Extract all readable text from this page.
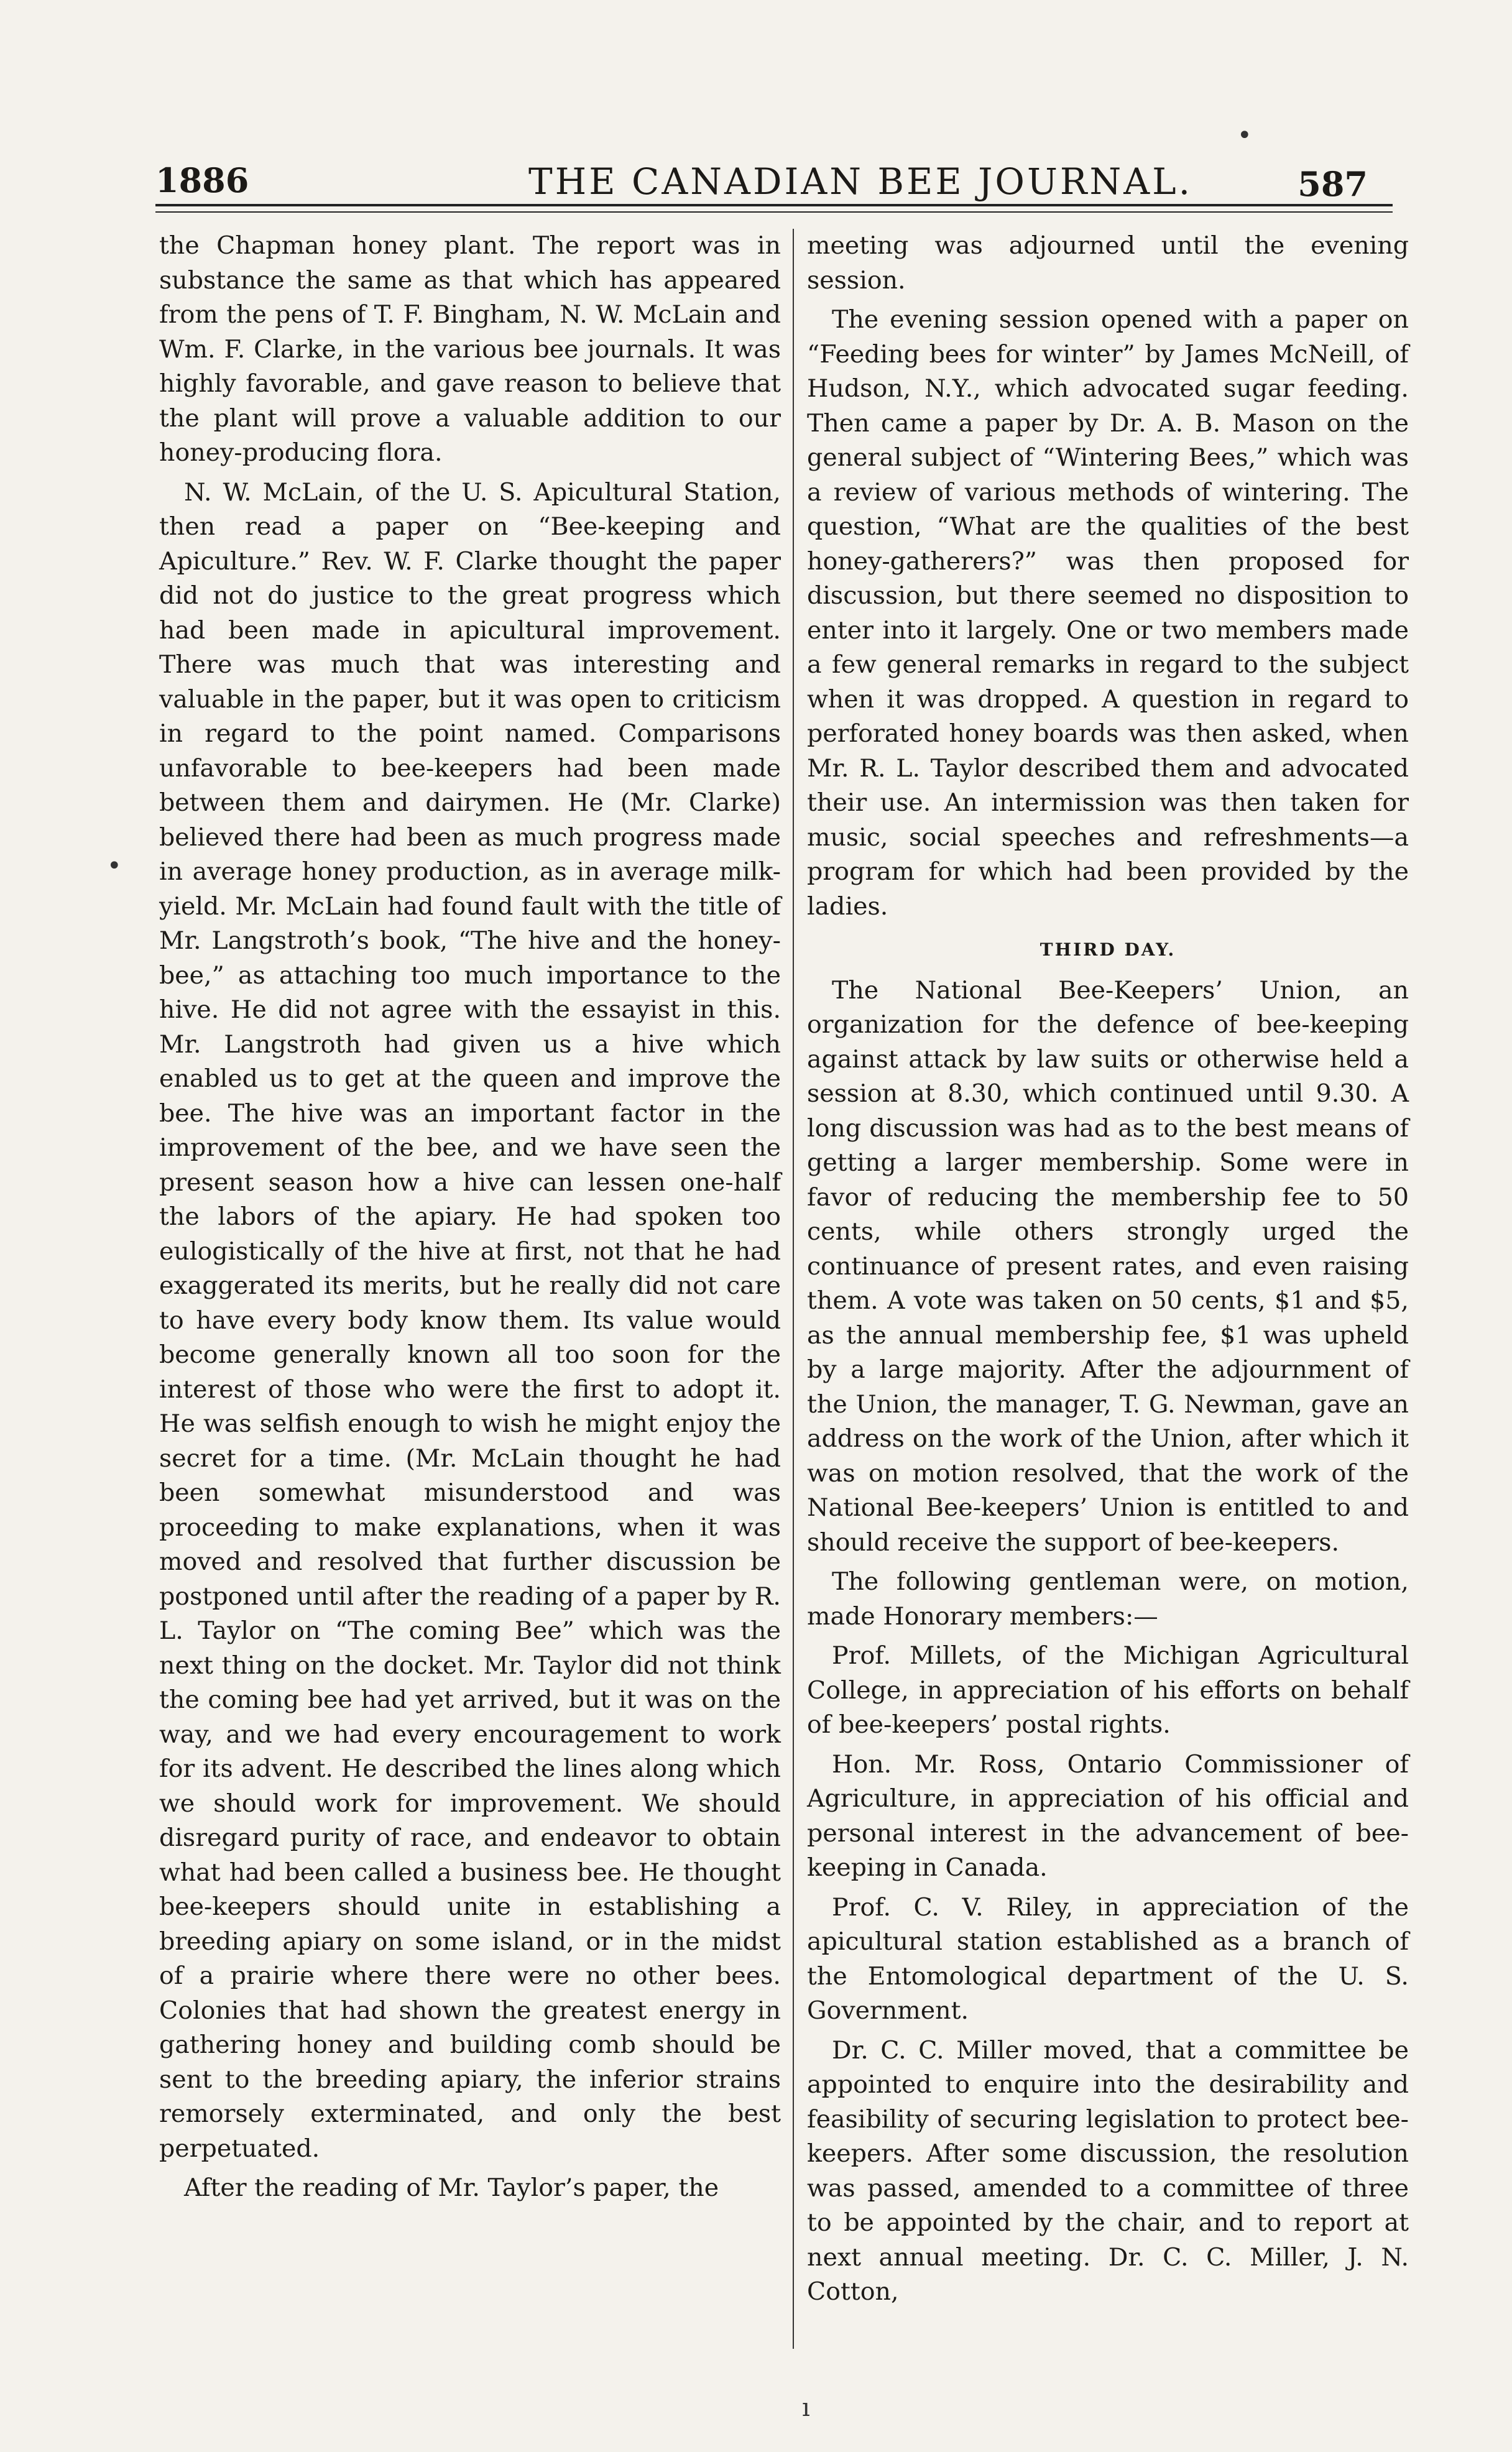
1886	THE CANADIAN BEE JOURNAL.	587

the Chapman honey plant. The report was in substance the same as that which has appeared from the pens of T. F. Bingham, N. W. McLain and Wm. F. Clarke, in the various bee journals. It was highly favorable, and gave reason to believe that the plant will prove a valuable addition to our honey-producing flora.

N. W. McLain, of the U. S. Apicultural Station, then read a paper on “Bee-keeping and Apiculture.” Rev. W. F. Clarke thought the paper did not do justice to the great progress which had been made in apicultural improvement. There was much that was interesting and valuable in the paper, but it was open to criticism in regard to the point named. Comparisons unfavorable to bee-keepers had been made between them and dairymen. He (Mr. Clarke) believed there had been as much progress made in average honey production, as in average milk-yield. Mr. McLain had found fault with the title of Mr. Langstroth’s book, “The hive and the honey-bee,” as attaching too much importance to the hive. He did not agree with the essayist in this. Mr. Langstroth had given us a hive which enabled us to get at the queen and improve the bee. The hive was an important factor in the improvement of the bee, and we have seen the present season how a hive can lessen one-half the labors of the apiary. He had spoken too eulogistically of the hive at first, not that he had exaggerated its merits, but he really did not care to have every body know them. Its value would become generally known all too soon for the interest of those who were the first to adopt it. He was selfish enough to wish he might enjoy the secret for a time. (Mr. McLain thought he had been somewhat misunderstood and was proceeding to make explanations, when it was moved and resolved that further discussion be postponed until after the reading of a paper by R. L. Taylor on “The coming Bee” which was the next thing on the docket. Mr. Taylor did not think the coming bee had yet arrived, but it was on the way, and we had every encouragement to work for its advent. He described the lines along which we should work for improvement. We should disregard purity of race, and endeavor to obtain what had been called a business bee. He thought bee-keepers should unite in establishing a breeding apiary on some island, or in the midst of a prairie where there were no other bees. Colonies that had shown the greatest energy in gathering honey and building comb should be sent to the breeding apiary, the inferior strains remorsely exterminated, and only the best perpetuated.

After the reading of Mr. Taylor’s paper, the

meeting was adjourned until the evening session.

The evening session opened with a paper on “Feeding bees for winter” by James McNeill, of Hudson, N.Y., which advocated sugar feeding. Then came a paper by Dr. A. B. Mason on the general subject of “Wintering Bees,” which was a review of various methods of wintering. The question, “What are the qualities of the best honey-gatherers?” was then proposed for discussion, but there seemed no disposition to enter into it largely. One or two members made a few general remarks in regard to the subject when it was dropped. A question in regard to perforated honey boards was then asked, when Mr. R. L. Taylor described them and advocated their use. An intermission was then taken for music, social speeches and refreshments—a program for which had been provided by the ladies.

THIRD DAY.

The National Bee-Keepers’ Union, an organization for the defence of bee-keeping against attack by law suits or otherwise held a session at 8.30, which continued until 9.30. A long discussion was had as to the best means of getting a larger membership. Some were in favor of reducing the membership fee to 50 cents, while others strongly urged the continuance of present rates, and even raising them. A vote was taken on 50 cents, $1 and $5, as the annual membership fee, $1 was upheld by a large majority. After the adjournment of the Union, the manager, T. G. Newman, gave an address on the work of the Union, after which it was on motion resolved, that the work of the National Bee-keepers’ Union is entitled to and should receive the support of bee-keepers.

The following gentleman were, on motion, made Honorary members:—

Prof. Millets, of the Michigan Agricultural College, in appreciation of his efforts on behalf of bee-keepers’ postal rights.

Hon. Mr. Ross, Ontario Commissioner of Agriculture, in appreciation of his official and personal interest in the advancement of bee-keeping in Canada.

Prof. C. V. Riley, in appreciation of the apicultural station established as a branch of the Entomological department of the U. S. Government.

Dr. C. C. Miller moved, that a committee be appointed to enquire into the desirability and feasibility of securing legislation to protect bee-keepers. After some discussion, the resolution was passed, amended to a committee of three to be appointed by the chair, and to report at next annual meeting. Dr. C. C. Miller, J. N. Cotton,

•
•
ı
